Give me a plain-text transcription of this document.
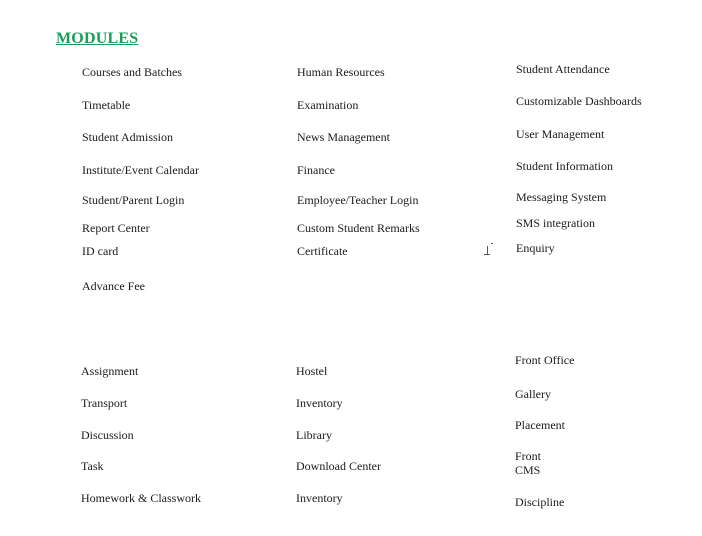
MODULES
Courses and Batches
Timetable
Student Admission
Institute/Event Calendar
Student/Parent Login
Report Center
ID card
Advance Fee
Human Resources
Examination
News Management
Finance
Employee/Teacher Login
Custom Student Remarks
Certificate
Student Attendance
Customizable Dashboards
User Management
Student Information
Messaging System
SMS integration
Enquiry
Assignment
Transport
Discussion
Task
Homework & Classwork
Hostel
Inventory
Library
Download Center
Inventory
Front Office
Gallery
Placement
Front
CMS
Discipline
